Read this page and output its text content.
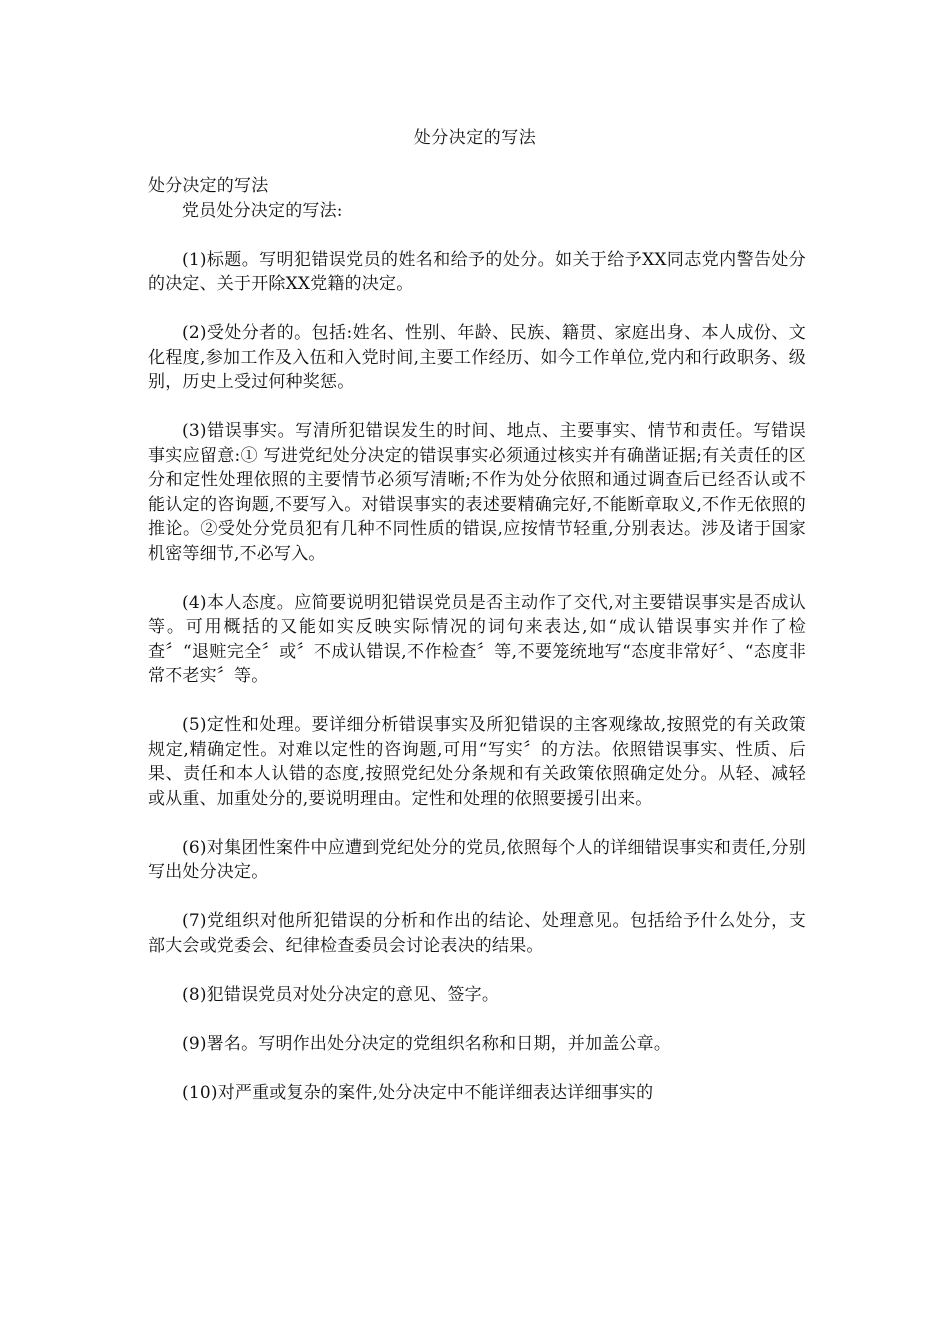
处分决定的写法

处分决定的写法

党员处分决定的写法:

(1)标题。写明犯错误党员的姓名和给予的处分。如关于给予XX同志党内警告处分的决定、关于开除XX党籍的决定。

(2)受处分者的。包括:姓名、性别、年龄、民族、籍贯、家庭出身、本人成份、文化程度,参加工作及入伍和入党时间,主要工作经历、如今工作单位,党内和行政职务、级别，历史上受过何种奖惩。

(3)错误事实。写清所犯错误发生的时间、地点、主要事实、情节和责任。写错误事实应留意:① 写进党纪处分决定的错误事实必须通过核实并有确凿证据;有关责任的区分和定性处理依照的主要情节必须写清晰;不作为处分依照和通过调查后已经否认或不能认定的咨询题,不要写入。对错误事实的表述要精确完好,不能断章取义,不作无依照的推论。②受处分党员犯有几种不同性质的错误,应按情节轻重,分别表达。涉及诸于国家机密等细节,不必写入。

(4)本人态度。应简要说明犯错误党员是否主动作了交代,对主要错误事实是否成认等。可用概括的又能如实反映实际情况的词句来表达,如“成认错误事实并作了检查〞“退赃完全〞或〞不成认错误,不作检查〞等,不要笼统地写“态度非常好〞、“态度非常不老实〞等。

(5)定性和处理。要详细分析错误事实及所犯错误的主客观缘故,按照党的有关政策规定,精确定性。对难以定性的咨询题,可用“写实〞的方法。依照错误事实、性质、后果、责任和本人认错的态度,按照党纪处分条规和有关政策依照确定处分。从轻、减轻或从重、加重处分的,要说明理由。定性和处理的依照要援引出来。

(6)对集团性案件中应遭到党纪处分的党员,依照每个人的详细错误事实和责任,分别写出处分决定。

(7)党组织对他所犯错误的分析和作出的结论、处理意见。包括给予什么处分，支部大会或党委会、纪律检查委员会讨论表决的结果。

(8)犯错误党员对处分决定的意见、签字。

(9)署名。写明作出处分决定的党组织名称和日期，并加盖公章。

(10)对严重或复杂的案件,处分决定中不能详细表达详细事实的
